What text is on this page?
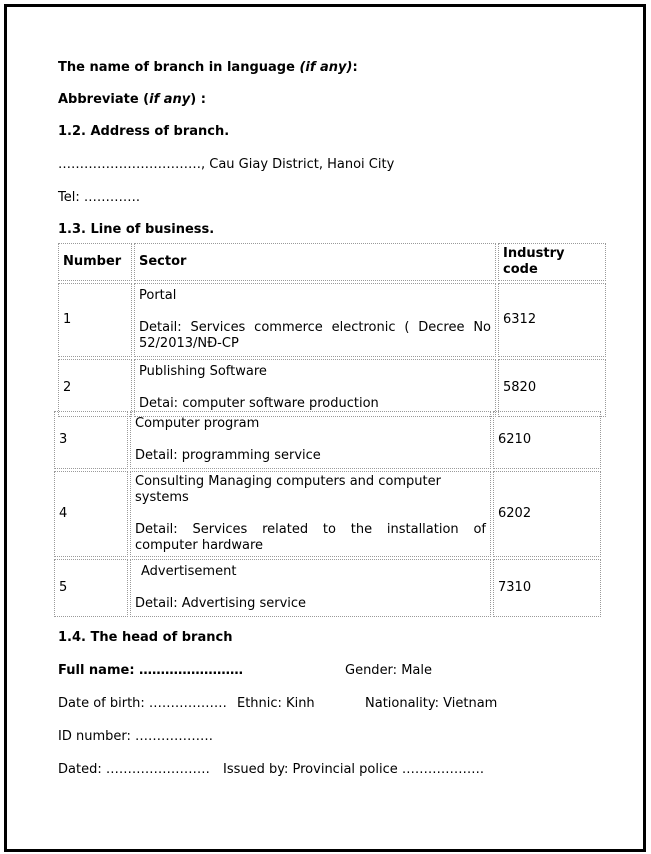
The name of branch in language (if any):
Abbreviate (if any) :
1.2. Address of branch.
……………………………, Cau Giay District, Hanoi City
Tel: ………….
1.3. Line of business.
Number	Sector	Industry code
1	Portal
Detail: Services commerce electronic ( Decree No 52/2013/NĐ-CP	6312
2	Publishing Software
Detai: computer software production	5820
3	Computer program
Detail: programming service	6210
4	Consulting Managing computers and computer systems
Detail: Services related to the installation of computer hardware	6202
5	Advertisement
Detail: Advertising service	7310
1.4. The head of branch
Full name: ……………………	Gender: Male
Date of birth: ……………… Ethnic: Kinh	Nationality: Vietnam
ID number: ………………
Dated: …………………… Issued by: Provincial police ……………….
